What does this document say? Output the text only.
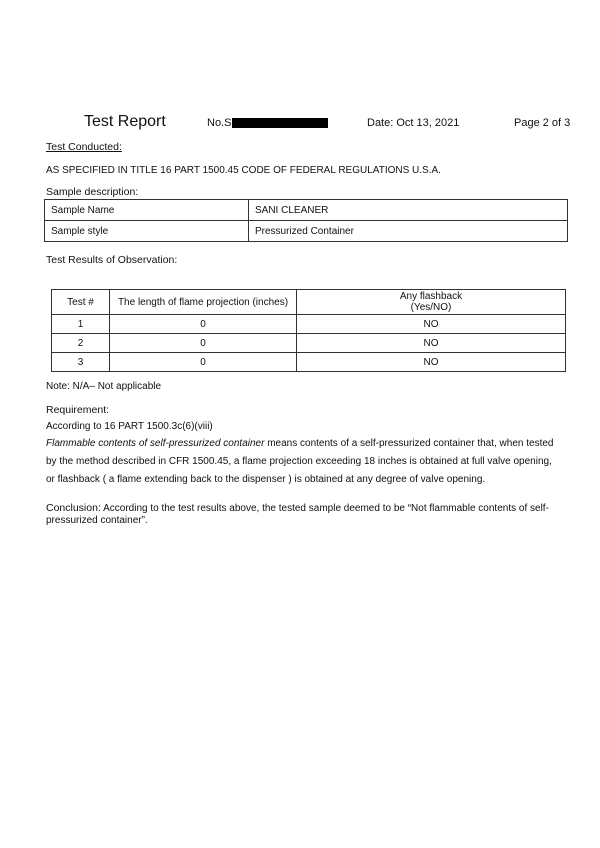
Test Report	No.S	Date: Oct 13, 2021	Page 2 of 3
Test Conducted:
AS SPECIFIED IN TITLE 16 PART 1500.45 CODE OF FEDERAL REGULATIONS U.S.A.
Sample description:
Sample Name	SANI CLEANER
Sample style	Pressurized Container
Test Results of Observation:
Test #	The length of flame projection (inches)	Any flashback
(Yes/NO)

1	0	NO
2	0	NO
3	0	NO
Note: N/A– Not applicable
Requirement:
According to 16 PART 1500.3c(6)(viii)
Flammable contents of self-pressurized container means contents of a self-pressurized container that, when tested by the method described in CFR 1500.45, a flame projection exceeding 18 inches is obtained at full valve opening, or flashback ( a flame extending back to the dispenser ) is obtained at any degree of valve opening.
Conclusion: According to the test results above, the tested sample deemed to be “Not flammable contents of self-pressurized container”.
